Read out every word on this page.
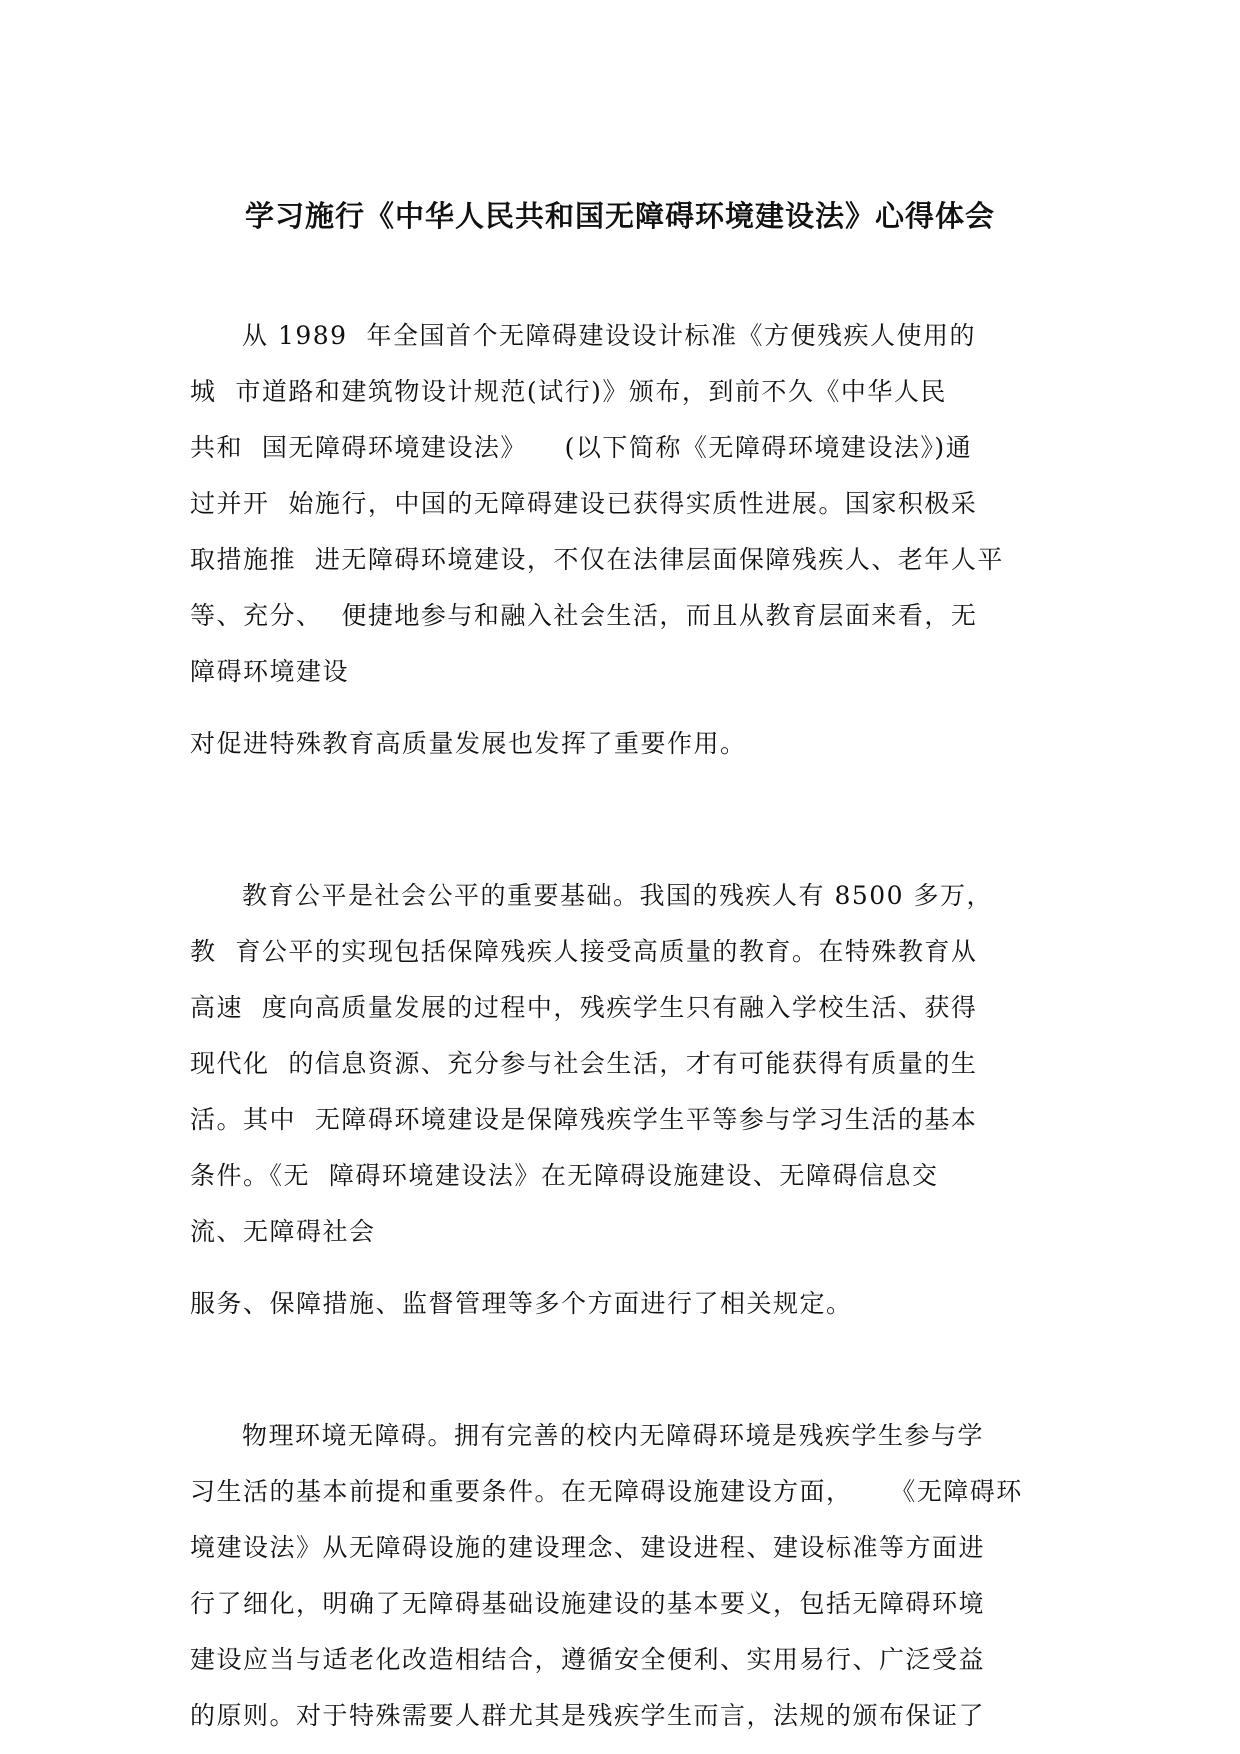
学习施行《中华人民共和国无障碍环境建设法》心得体会
从 1989  年全国首个无障碍建设设计标准《方便残疾人使用的
城  市道路和建筑物设计规范(试行)》颁布，到前不久《中华人民
共和  国无障碍环境建设法》    (以下简称《无障碍环境建设法》)通
过并开  始施行，中国的无障碍建设已获得实质性进展。国家积极采
取措施推  进无障碍环境建设，不仅在法律层面保障残疾人、老年人平
等、充分、  便捷地参与和融入社会生活，而且从教育层面来看，无
障碍环境建设
对促进特殊教育高质量发展也发挥了重要作用。
教育公平是社会公平的重要基础。我国的残疾人有 8500 多万，
教  育公平的实现包括保障残疾人接受高质量的教育。在特殊教育从
高速  度向高质量发展的过程中，残疾学生只有融入学校生活、获得
现代化  的信息资源、充分参与社会生活，才有可能获得有质量的生
活。其中  无障碍环境建设是保障残疾学生平等参与学习生活的基本
条件。《无  障碍环境建设法》在无障碍设施建设、无障碍信息交
流、无障碍社会
服务、保障措施、监督管理等多个方面进行了相关规定。
物理环境无障碍。拥有完善的校内无障碍环境是残疾学生参与学
习生活的基本前提和重要条件。在无障碍设施建设方面，    《无障碍环
境建设法》从无障碍设施的建设理念、建设进程、建设标准等方面进
行了细化，明确了无障碍基础设施建设的基本要义，包括无障碍环境
建设应当与适老化改造相结合，遵循安全便利、实用易行、广泛受益
的原则。对于特殊需要人群尤其是残疾学生而言，法规的颁布保证了
